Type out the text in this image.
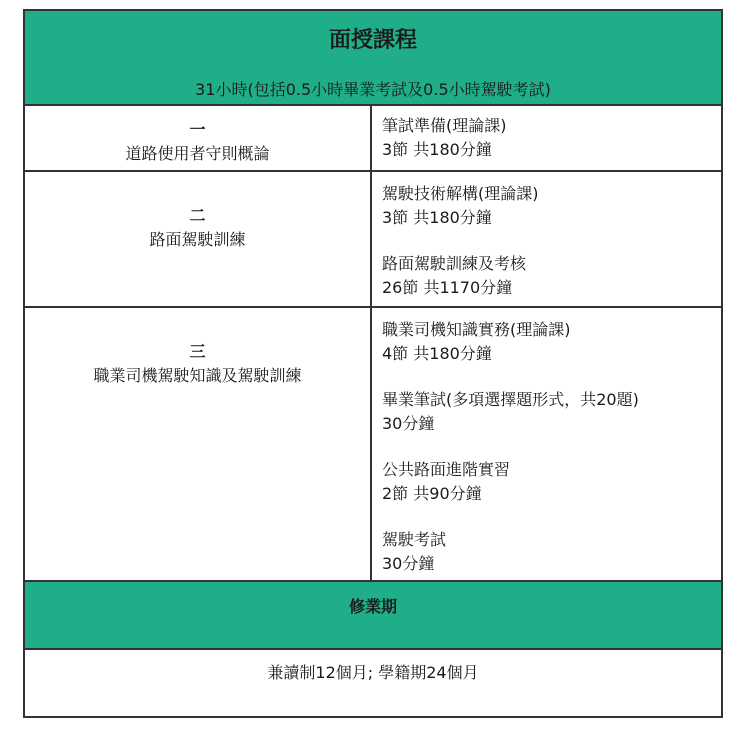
面授課程
31小時(包括0.5小時畢業考試及0.5小時駕駛考試)
一
道路使用者守則概論
筆試準備(理論課)
3節 共180分鐘
二
路面駕駛訓練
駕駛技術解構(理論課)
3節 共180分鐘
路面駕駛訓練及考核
26節 共1170分鐘
三
職業司機駕駛知識及駕駛訓練
職業司機知識實務(理論課)
4節 共180分鐘
畢業筆試(多項選擇題形式，共20題)
30分鐘
公共路面進階實習
2節 共90分鐘
駕駛考試
30分鐘
修業期
兼讀制12個月; 學籍期24個月
